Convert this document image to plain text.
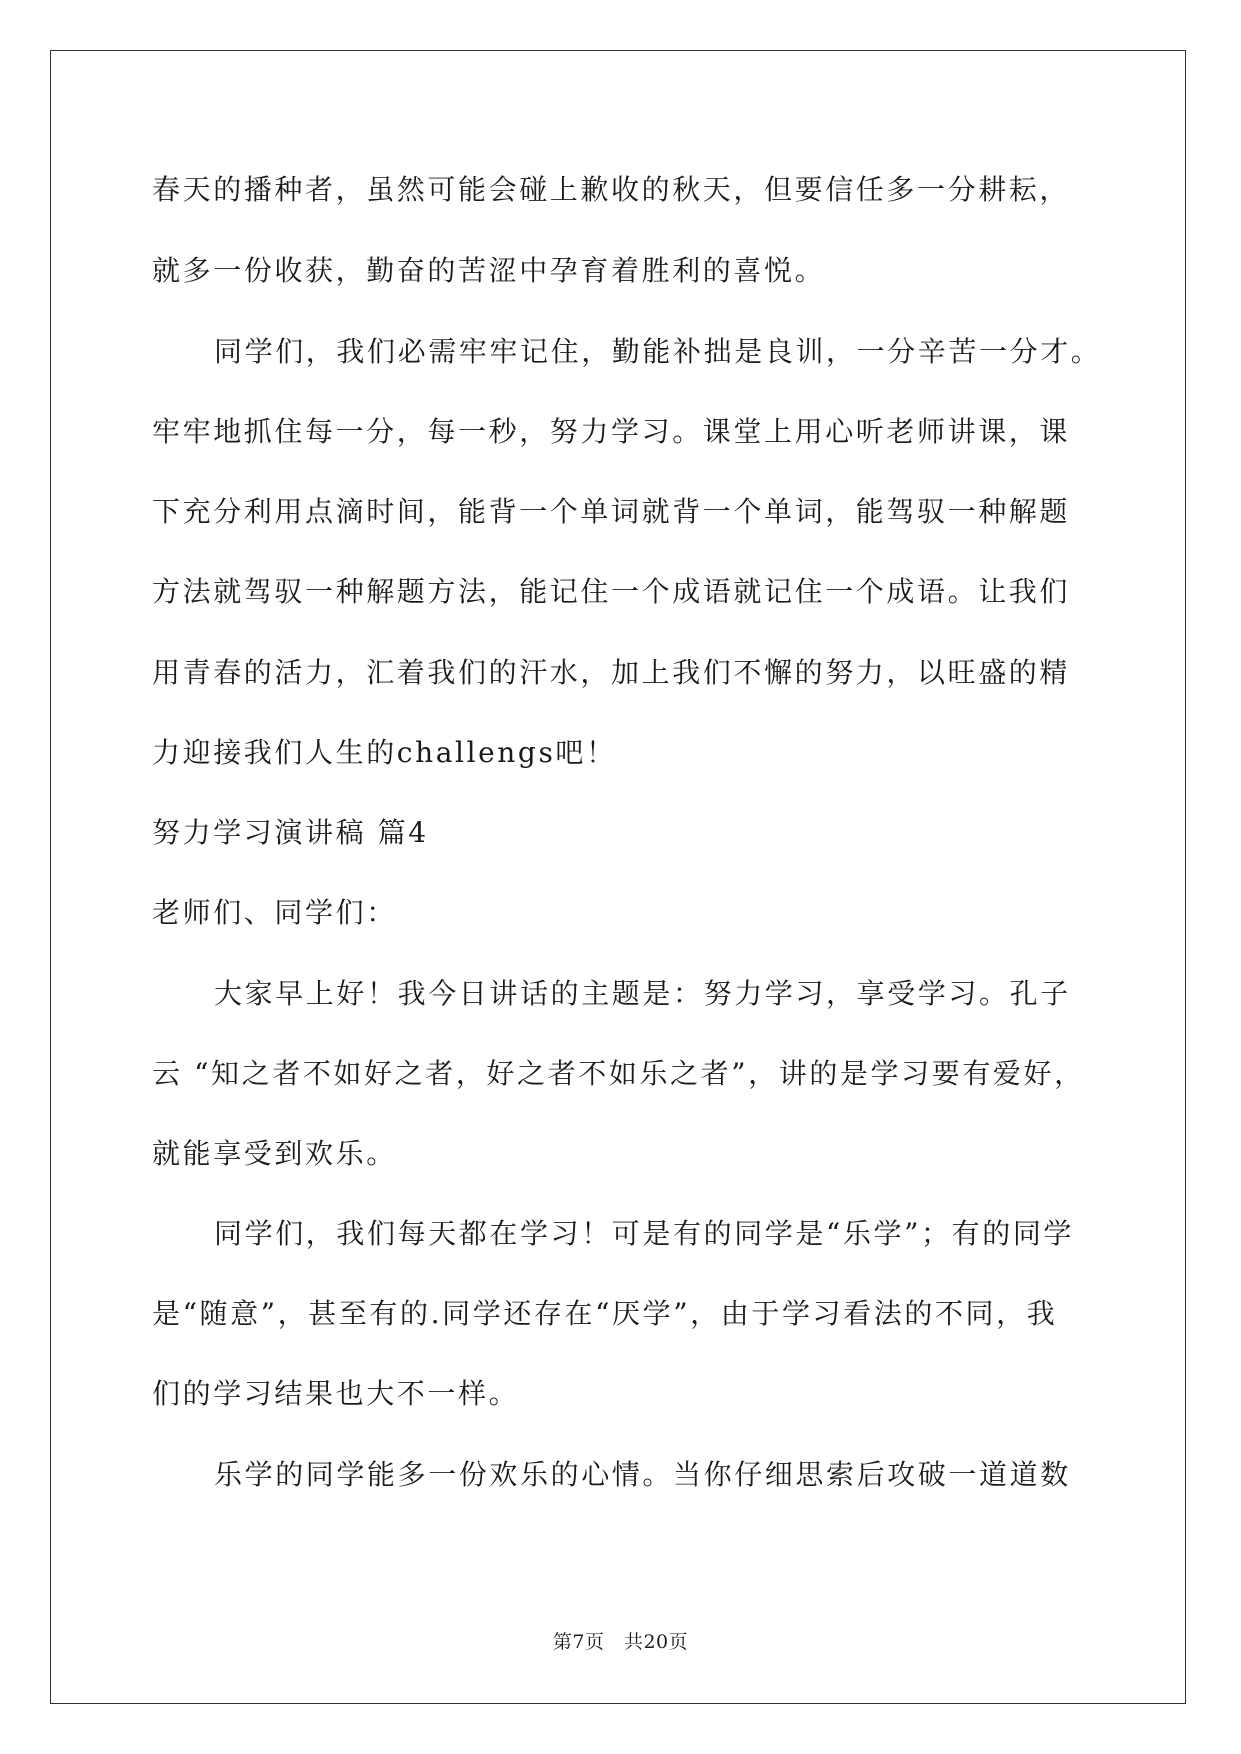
春天的播种者，虽然可能会碰上歉收的秋天，但要信任多一分耕耘，
就多一份收获，勤奋的苦涩中孕育着胜利的喜悦。
同学们，我们必需牢牢记住，勤能补拙是良训，一分辛苦一分才。
牢牢地抓住每一分，每一秒，努力学习。课堂上用心听老师讲课，课
下充分利用点滴时间，能背一个单词就背一个单词，能驾驭一种解题
方法就驾驭一种解题方法，能记住一个成语就记住一个成语。让我们
用青春的活力，汇着我们的汗水，加上我们不懈的努力，以旺盛的精
力迎接我们人生的challengs吧！
努力学习演讲稿 篇4
老师们、同学们：
大家早上好！我今日讲话的主题是：努力学习，享受学习。孔子
云 “知之者不如好之者，好之者不如乐之者”，讲的是学习要有爱好，
就能享受到欢乐。
同学们，我们每天都在学习！可是有的同学是“乐学”；有的同学
是“随意”，甚至有的.同学还存在“厌学”，由于学习看法的不同，我
们的学习结果也大不一样。
乐学的同学能多一份欢乐的心情。当你仔细思索后攻破一道道数
第7页　共20页
